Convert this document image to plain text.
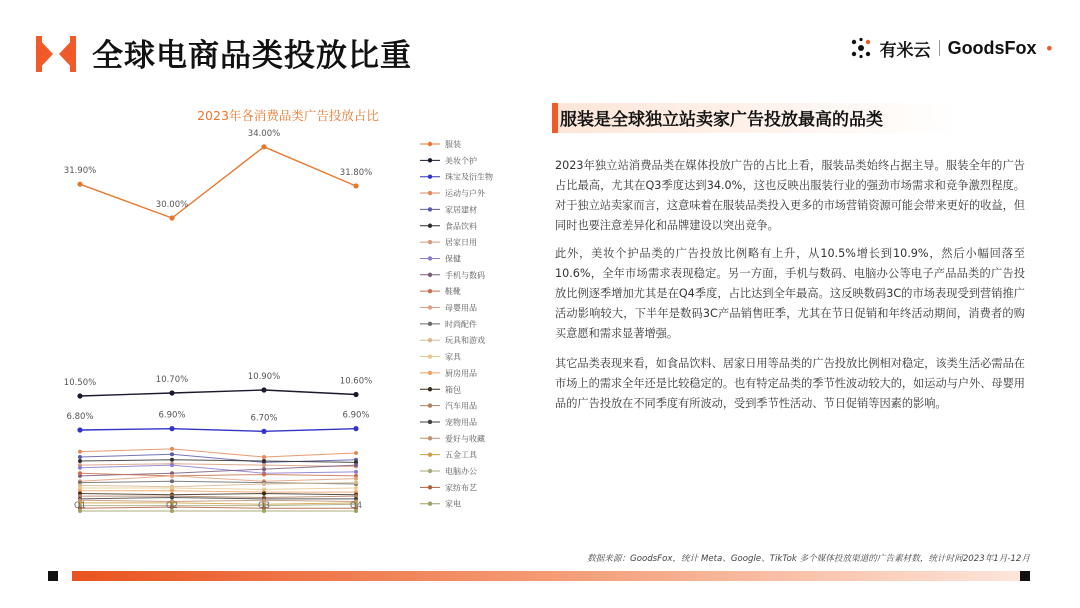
全球电商品类投放比重	有米云 GoodsFox •
2023年各消费品类广告投放占比
31.90%
30.00%
34.00%
31.80%
10.50%	10.70%	10.90%	10.60%
6.80%	6.90%	6.70%	6.90%
Q1	Q2	Q3	Q4
服装
美妆个护
珠宝及衍生物
运动与户外
家居建材
食品饮料
居家日用
保健
手机与数码
鞋靴
母婴用品
时尚配件
玩具和游戏
家具
厨房用品
箱包
汽车用品
宠物用品
爱好与收藏
五金工具
电脑办公
家纺布艺
家电
服装是全球独立站卖家广告投放最高的品类
2023年独立站消费品类在媒体投放广告的占比上看，服装品类始终占据主导。服装全年的广告占比最高，尤其在Q3季度达到34.0%，这也反映出服装行业的强劲市场需求和竞争激烈程度。对于独立站卖家而言，这意味着在服装品类投入更多的市场营销资源可能会带来更好的收益，但同时也要注意差异化和品牌建设以突出竞争。
此外，美妆个护品类的广告投放比例略有上升，从10.5%增长到10.9%，然后小幅回落至10.6%，全年市场需求表现稳定。另一方面，手机与数码、电脑办公等电子产品品类的广告投放比例逐季增加尤其是在Q4季度，占比达到全年最高。这反映数码3C的市场表现受到营销推广活动影响较大，下半年是数码3C产品销售旺季，尤其在节日促销和年终活动期间，消费者的购买意愿和需求显著增强。
其它品类表现来看，如食品饮料、居家日用等品类的广告投放比例相对稳定，该类生活必需品在市场上的需求全年还是比较稳定的。也有特定品类的季节性波动较大的，如运动与户外、母婴用品的广告投放在不同季度有所波动，受到季节性活动、节日促销等因素的影响。
数据来源：GoodsFox，统计 Meta、Google、TikTok 多个媒体投放渠道的广告素材数，统计时间2023年1月-12月
